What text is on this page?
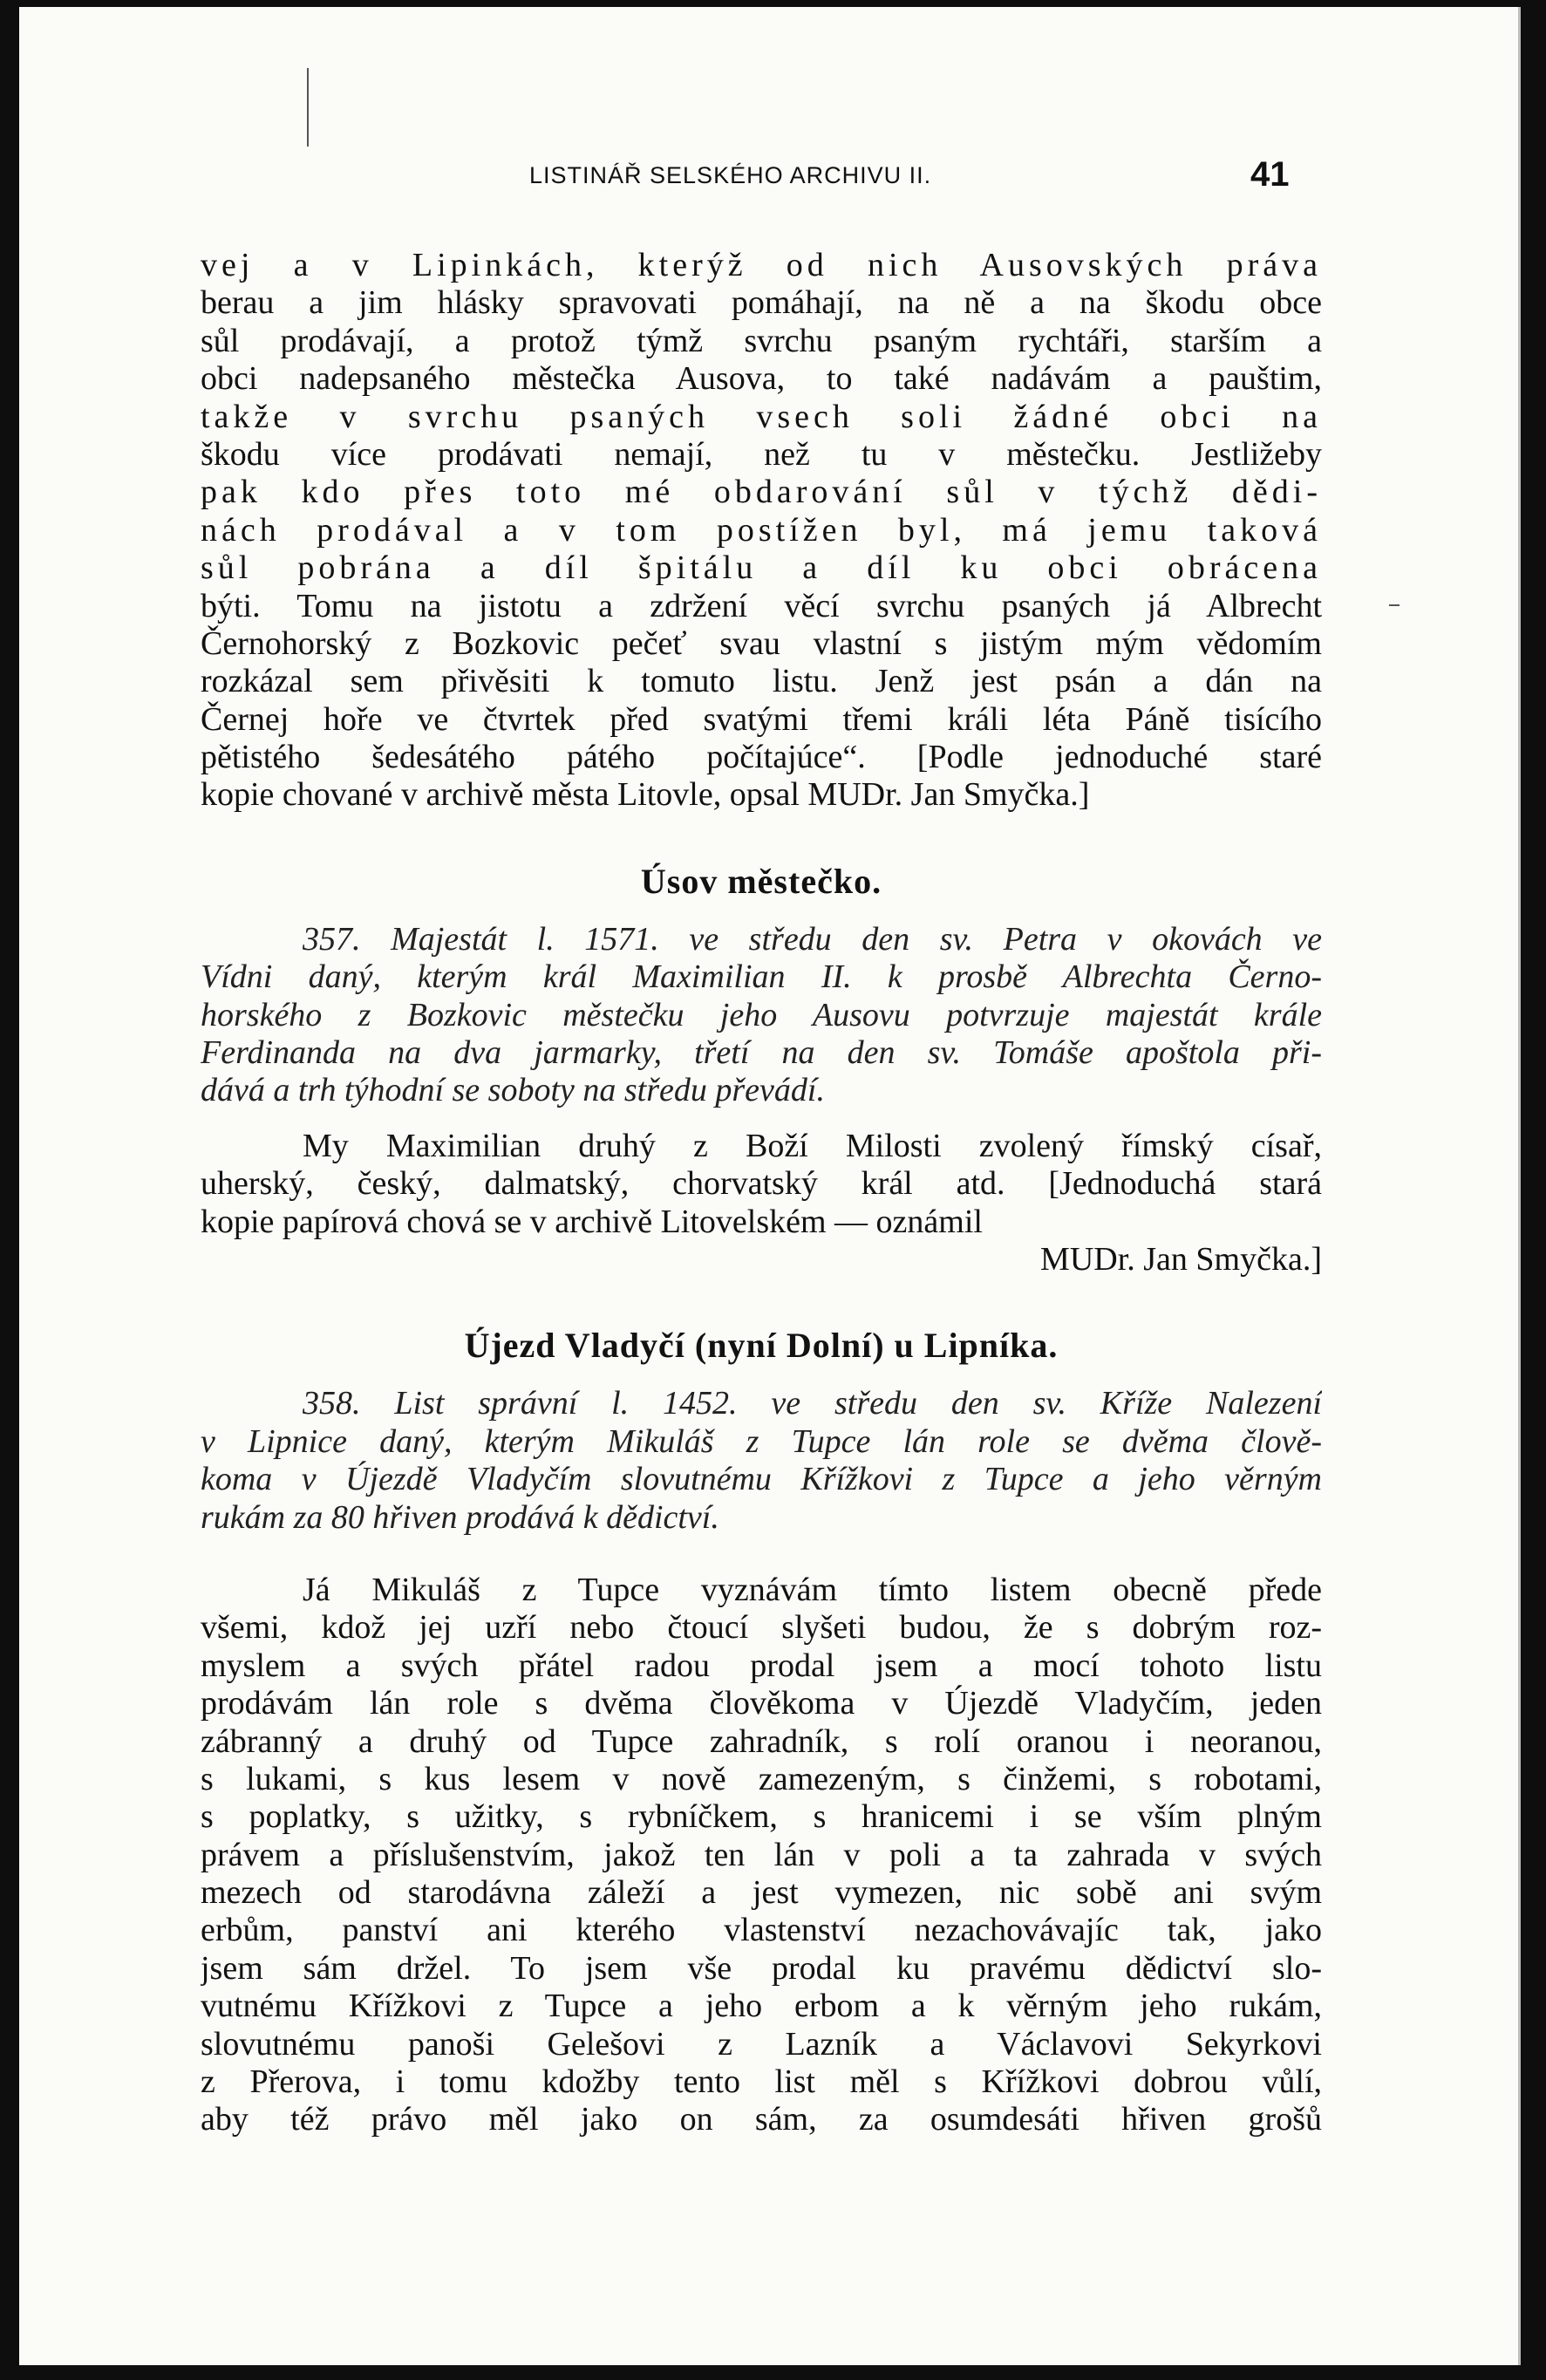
LISTINÁŘ SELSKÉHO ARCHIVU II.	41
vej a v Lipinkách, kterýž od nich Ausovských práva
berau a jim hlásky spravovati pomáhají, na ně a na škodu obce
sůl prodávají, a protož týmž svrchu psaným rychtáři, starším a
obci nadepsaného městečka Ausova, to také nadávám a pauštim,
takže v svrchu psaných vsech soli žádné obci na
škodu více prodávati nemají, než tu v městečku. Jestližeby
pak kdo přes toto mé obdarování sůl v týchž dědi-
nách prodával a v tom postížen byl, má jemu taková
sůl pobrána a díl špitálu a díl ku obci obrácena
býti. Tomu na jistotu a zdržení věcí svrchu psaných já Albrecht
Černohorský z Bozkovic pečeť svau vlastní s jistým mým vědomím
rozkázal sem přivěsiti k tomuto listu. Jenž jest psán a dán na
Černej hoře ve čtvrtek před svatými třemi králi léta Páně tisícího
pětistého šedesátého pátého počítajúce“. [Podle jednoduché staré
kopie chované v archivě města Litovle, opsal MUDr. Jan Smyčka.]
Úsov městečko.
357. Majestát l. 1571. ve středu den sv. Petra v okovách ve
Vídni daný, kterým král Maximilian II. k prosbě Albrechta Černo-
horského z Bozkovic městečku jeho Ausovu potvrzuje majestát krále
Ferdinanda na dva jarmarky, třetí na den sv. Tomáše apoštola při-
dává a trh týhodní se soboty na středu převádí.
My Maximilian druhý z Boží Milosti zvolený římský císař,
uherský, český, dalmatský, chorvatský král atd. [Jednoduchá stará
kopie papírová chová se v archivě Litovelském — oznámil
MUDr. Jan Smyčka.]
Újezd Vladyčí (nyní Dolní) u Lipníka.
358. List správní l. 1452. ve středu den sv. Kříže Nalezení
v Lipnice daný, kterým Mikuláš z Tupce lán role se dvěma člově-
koma v Újezdě Vladyčím slovutnému Křížkovi z Tupce a jeho věrným
rukám za 80 hřiven prodává k dědictví.
Já Mikuláš z Tupce vyznávám tímto listem obecně přede
všemi, kdož jej uzří nebo čtoucí slyšeti budou, že s dobrým roz-
myslem a svých přátel radou prodal jsem a mocí tohoto listu
prodávám lán role s dvěma člověkoma v Újezdě Vladyčím, jeden
zábranný a druhý od Tupce zahradník, s rolí oranou i neoranou,
s lukami, s kus lesem v nově zamezeným, s činžemi, s robotami,
s poplatky, s užitky, s rybníčkem, s hranicemi i se vším plným
právem a příslušenstvím, jakož ten lán v poli a ta zahrada v svých
mezech od starodávna záleží a jest vymezen, nic sobě ani svým
erbům, panství ani kterého vlastenství nezachovávajíc tak, jako
jsem sám držel. To jsem vše prodal ku pravému dědictví slo-
vutnému Křížkovi z Tupce a jeho erbom a k věrným jeho rukám,
slovutnému panoši Gelešovi z Lazník a Václavovi Sekyrkovi
z Přerova, i tomu kdožby tento list měl s Křížkovi dobrou vůlí,
aby též právo měl jako on sám, za osumdesáti hřiven grošů
